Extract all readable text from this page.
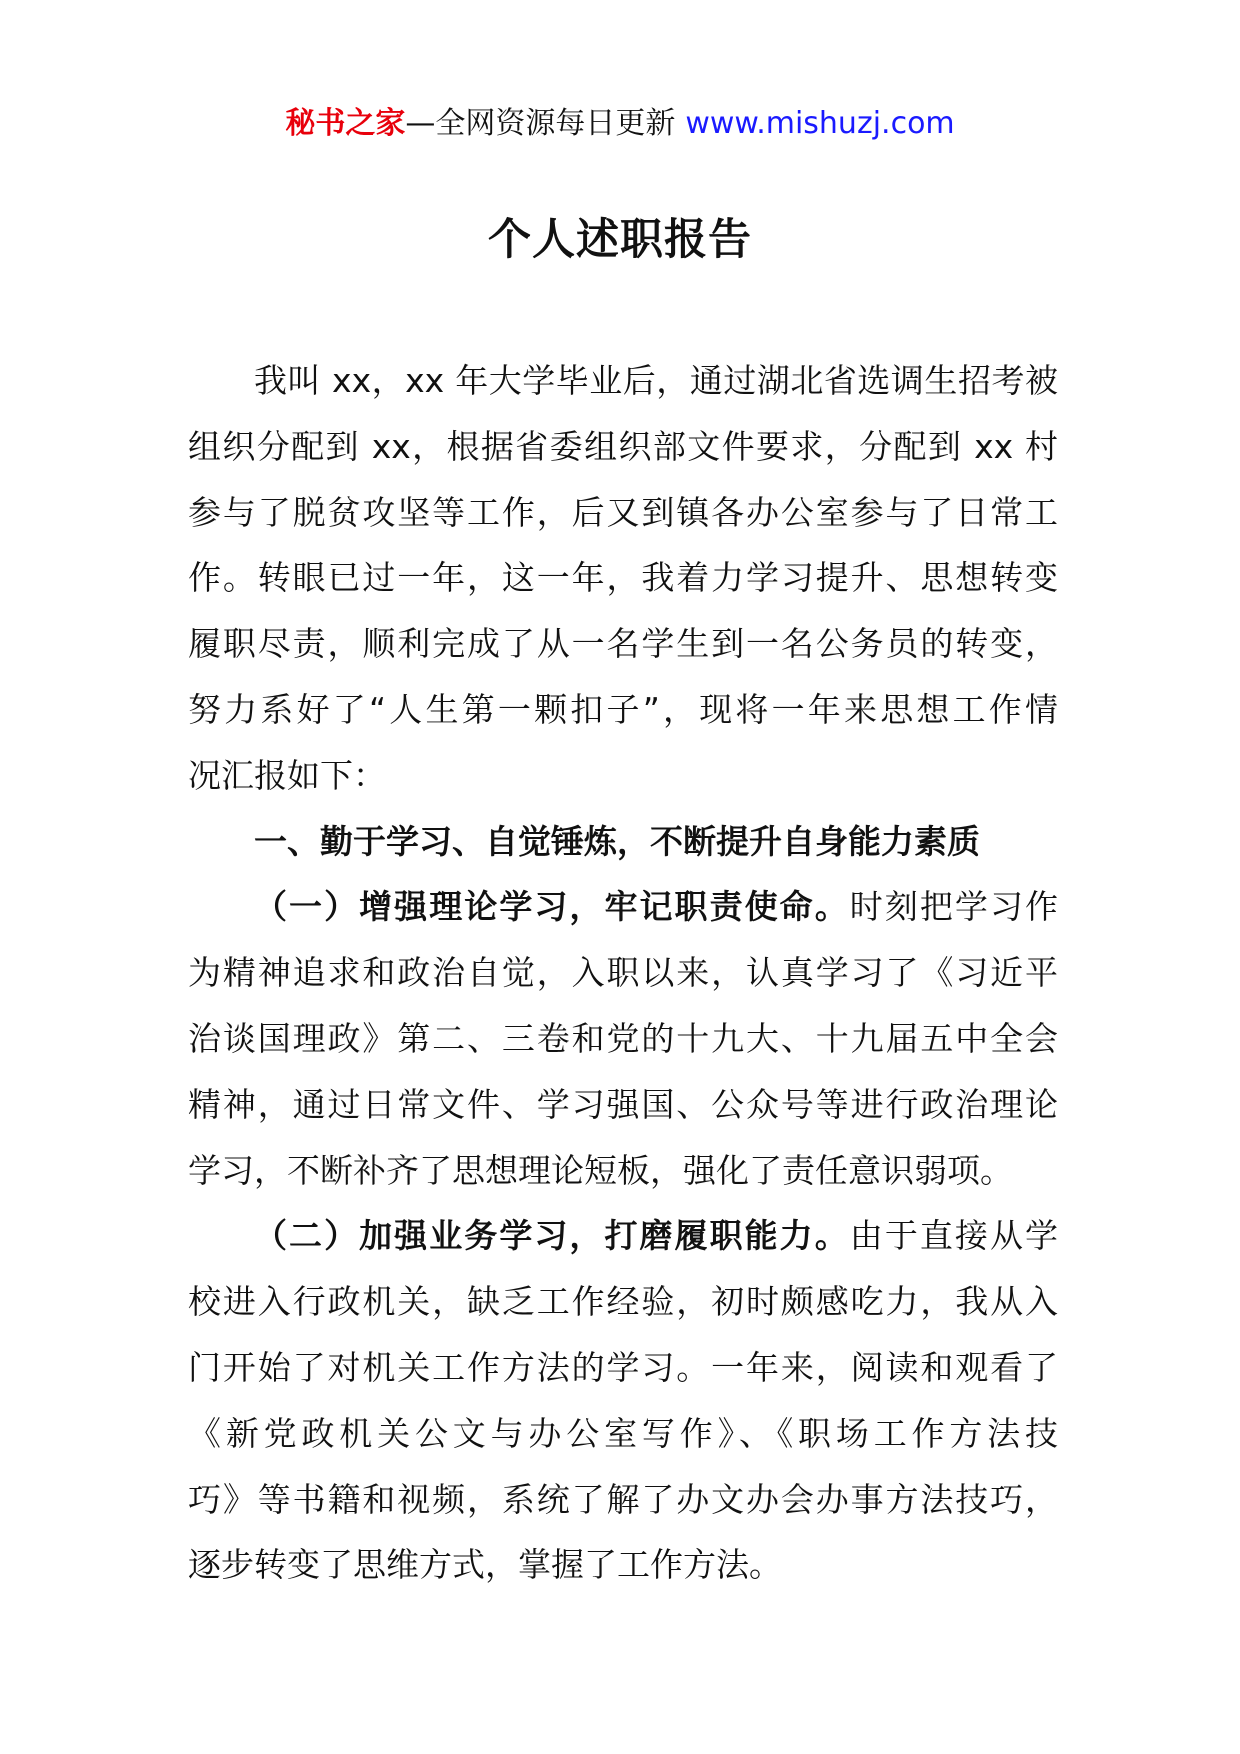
秘书之家—全网资源每日更新 www.mishuzj.com
个人述职报告
我叫 xx，xx 年大学毕业后，通过湖北省选调生招考被
组织分配到 xx，根据省委组织部文件要求，分配到 xx 村
参与了脱贫攻坚等工作，后又到镇各办公室参与了日常工
作。转眼已过一年，这一年，我着力学习提升、思想转变
履职尽责，顺利完成了从一名学生到一名公务员的转变，
努力系好了“人生第一颗扣子”，现将一年来思想工作情
况汇报如下：
一、勤于学习、自觉锤炼，不断提升自身能力素质
（一）增强理论学习，牢记职责使命。时刻把学习作
为精神追求和政治自觉，入职以来，认真学习了《习近平
治谈国理政》第二、三卷和党的十九大、十九届五中全会
精神，通过日常文件、学习强国、公众号等进行政治理论
学习，不断补齐了思想理论短板，强化了责任意识弱项。
（二）加强业务学习，打磨履职能力。由于直接从学
校进入行政机关，缺乏工作经验，初时颇感吃力，我从入
门开始了对机关工作方法的学习。一年来，阅读和观看了
《新党政机关公文与办公室写作》、《职场工作方法技
巧》等书籍和视频，系统了解了办文办会办事方法技巧，
逐步转变了思维方式，掌握了工作方法。
